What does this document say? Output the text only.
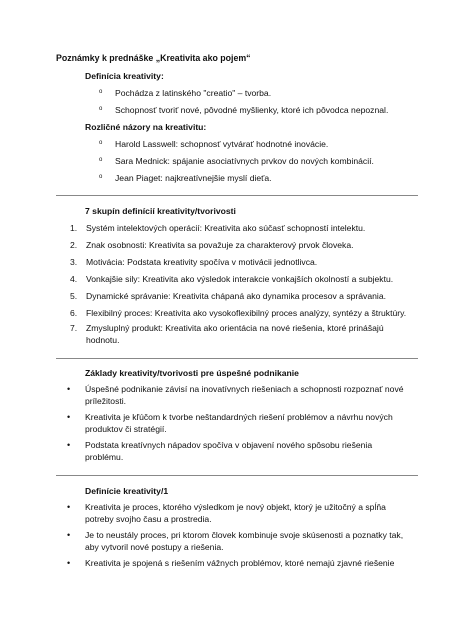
Poznámky k prednáške „Kreativita ako pojem“
Definícia kreativity:
o Pochádza z latinského "creatio" – tvorba.
o Schopnosť tvoriť nové, pôvodné myšlienky, ktoré ich pôvodca nepoznal.
Rozličné názory na kreativitu:
o Harold Lasswell: schopnosť vytvárať hodnotné inovácie.
o Sara Mednick: spájanie asociatívnych prvkov do nových kombinácií.
o Jean Piaget: najkreatívnejšie myslí dieťa.
7 skupín definícií kreativity/tvorivosti
1. Systém intelektových operácií: Kreativita ako súčasť schopností intelektu.
2. Znak osobnosti: Kreativita sa považuje za charakterový prvok človeka.
3. Motivácia: Podstata kreativity spočíva v motivácii jednotlivca.
4. Vonkajšie sily: Kreativita ako výsledok interakcie vonkajších okolností a subjektu.
5. Dynamické správanie: Kreativita chápaná ako dynamika procesov a správania.
6. Flexibilný proces: Kreativita ako vysokoflexibilný proces analýzy, syntézy a štruktúry.
7. Zmysluplný produkt: Kreativita ako orientácia na nové riešenia, ktoré prinášajú hodnotu.
Základy kreativity/tvorivosti pre úspešné podnikanie
• Úspešné podnikanie závisí na inovatívnych riešeniach a schopnosti rozpoznať nové príležitosti.
• Kreativita je kľúčom k tvorbe neštandardných riešení problémov a návrhu nových produktov či stratégií.
• Podstata kreatívnych nápadov spočíva v objavení nového spôsobu riešenia problému.
Definície kreativity/1
• Kreativita je proces, ktorého výsledkom je nový objekt, ktorý je užitočný a spĺňa potreby svojho času a prostredia.
• Je to neustály proces, pri ktorom človek kombinuje svoje skúsenosti a poznatky tak, aby vytvoril nové postupy a riešenia.
• Kreativita je spojená s riešením vážnych problémov, ktoré nemajú zjavné riešenie
